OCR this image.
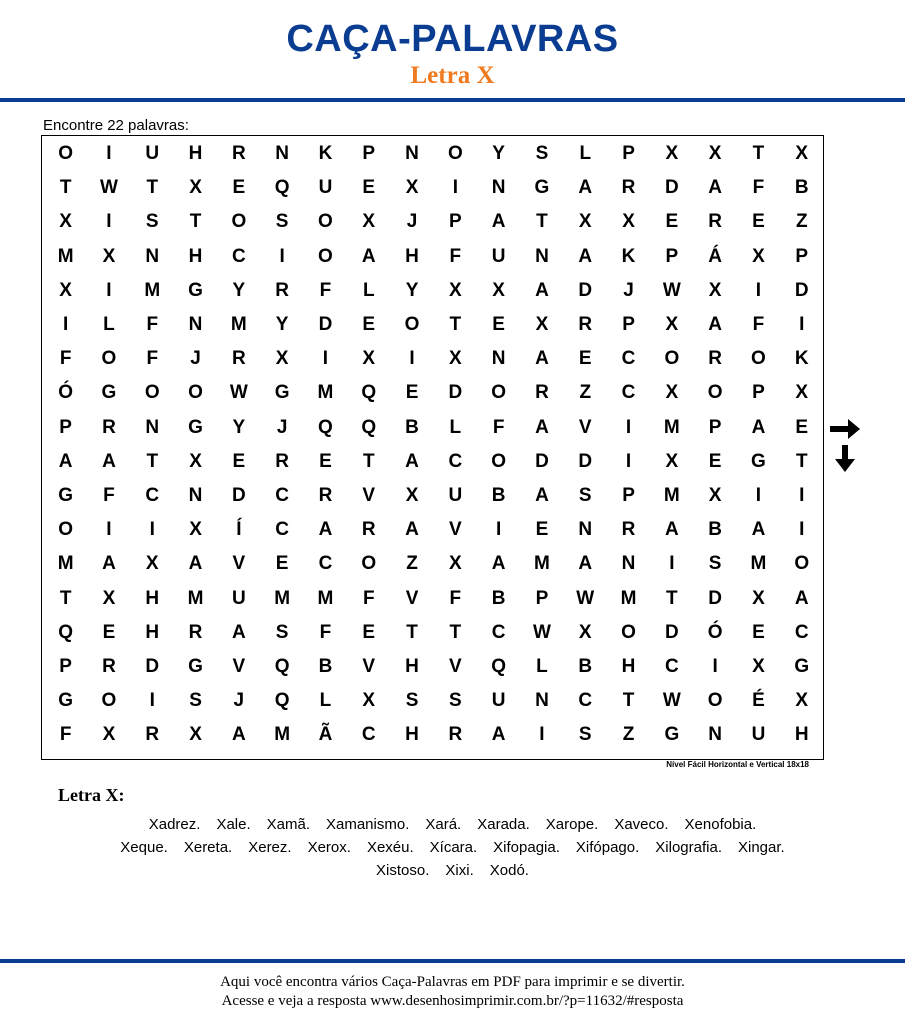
CAÇA-PALAVRAS
Letra X
Encontre 22 palavras:
O	I	U	H	R	N	K	P	N	O	Y	S	L	P	X	X	T	X
T	W	T	X	E	Q	U	E	X	I	N	G	A	R	D	A	F	B
X	I	S	T	O	S	O	X	J	P	A	T	X	X	E	R	E	Z
M	X	N	H	C	I	O	A	H	F	U	N	A	K	P	Á	X	P
X	I	M	G	Y	R	F	L	Y	X	X	A	D	J	W	X	I	D
I	L	F	N	M	Y	D	E	O	T	E	X	R	P	X	A	F	I
F	O	F	J	R	X	I	X	I	X	N	A	E	C	O	R	O	K
Ó	G	O	O	W	G	M	Q	E	D	O	R	Z	C	X	O	P	X
P	R	N	G	Y	J	Q	Q	B	L	F	A	V	I	M	P	A	E
A	A	T	X	E	R	E	T	A	C	O	D	D	I	X	E	G	T
G	F	C	N	D	C	R	V	X	U	B	A	S	P	M	X	I	I
O	I	I	X	Í	C	A	R	A	V	I	E	N	R	A	B	A	I
M	A	X	A	V	E	C	O	Z	X	A	M	A	N	I	S	M	O
T	X	H	M	U	M	M	F	V	F	B	P	W	M	T	D	X	A
Q	E	H	R	A	S	F	E	T	T	C	W	X	O	D	Ó	E	C
P	R	D	G	V	Q	B	V	H	V	Q	L	B	H	C	I	X	G
G	O	I	S	J	Q	L	X	S	S	U	N	C	T	W	O	É	X
F	X	R	X	A	M	Ã	C	H	R	A	I	S	Z	G	N	U	H
Nível Fácil Horizontal e Vertical 18x18
Letra X:
Xadrez. Xale. Xamã. Xamanismo. Xará. Xarada. Xarope. Xaveco. Xenofobia.
Xeque. Xereta. Xerez. Xerox. Xexéu. Xícara. Xifopagia. Xifópago. Xilografia. Xingar.
Xistoso. Xixi. Xodó.
Aqui você encontra vários Caça-Palavras em PDF para imprimir e se divertir.
Acesse e veja a resposta www.desenhosimprimir.com.br/?p=11632/#resposta
